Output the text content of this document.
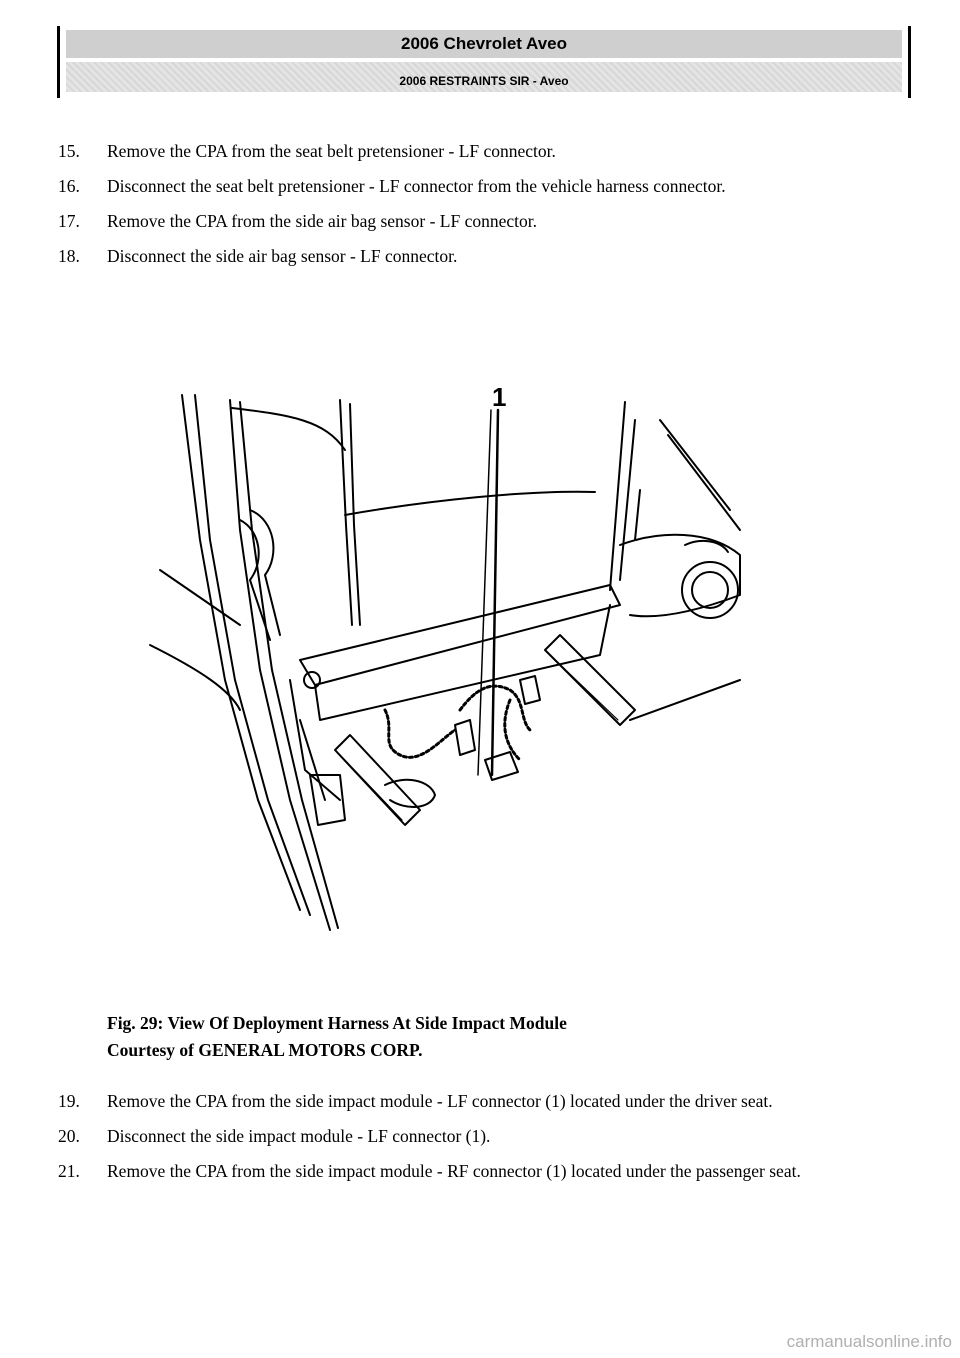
2006 Chevrolet Aveo
2006 RESTRAINTS SIR - Aveo
15. Remove the CPA from the seat belt pretensioner - LF connector.
16. Disconnect the seat belt pretensioner - LF connector from the vehicle harness connector.
17. Remove the CPA from the side air bag sensor - LF connector.
18. Disconnect the side air bag sensor - LF connector.
1
Fig. 29: View Of Deployment Harness At Side Impact Module
Courtesy of GENERAL MOTORS CORP.
19. Remove the CPA from the side impact module - LF connector (1) located under the driver seat.
20. Disconnect the side impact module - LF connector (1).
21. Remove the CPA from the side impact module - RF connector (1) located under the passenger seat.
carmanualsonline.info
